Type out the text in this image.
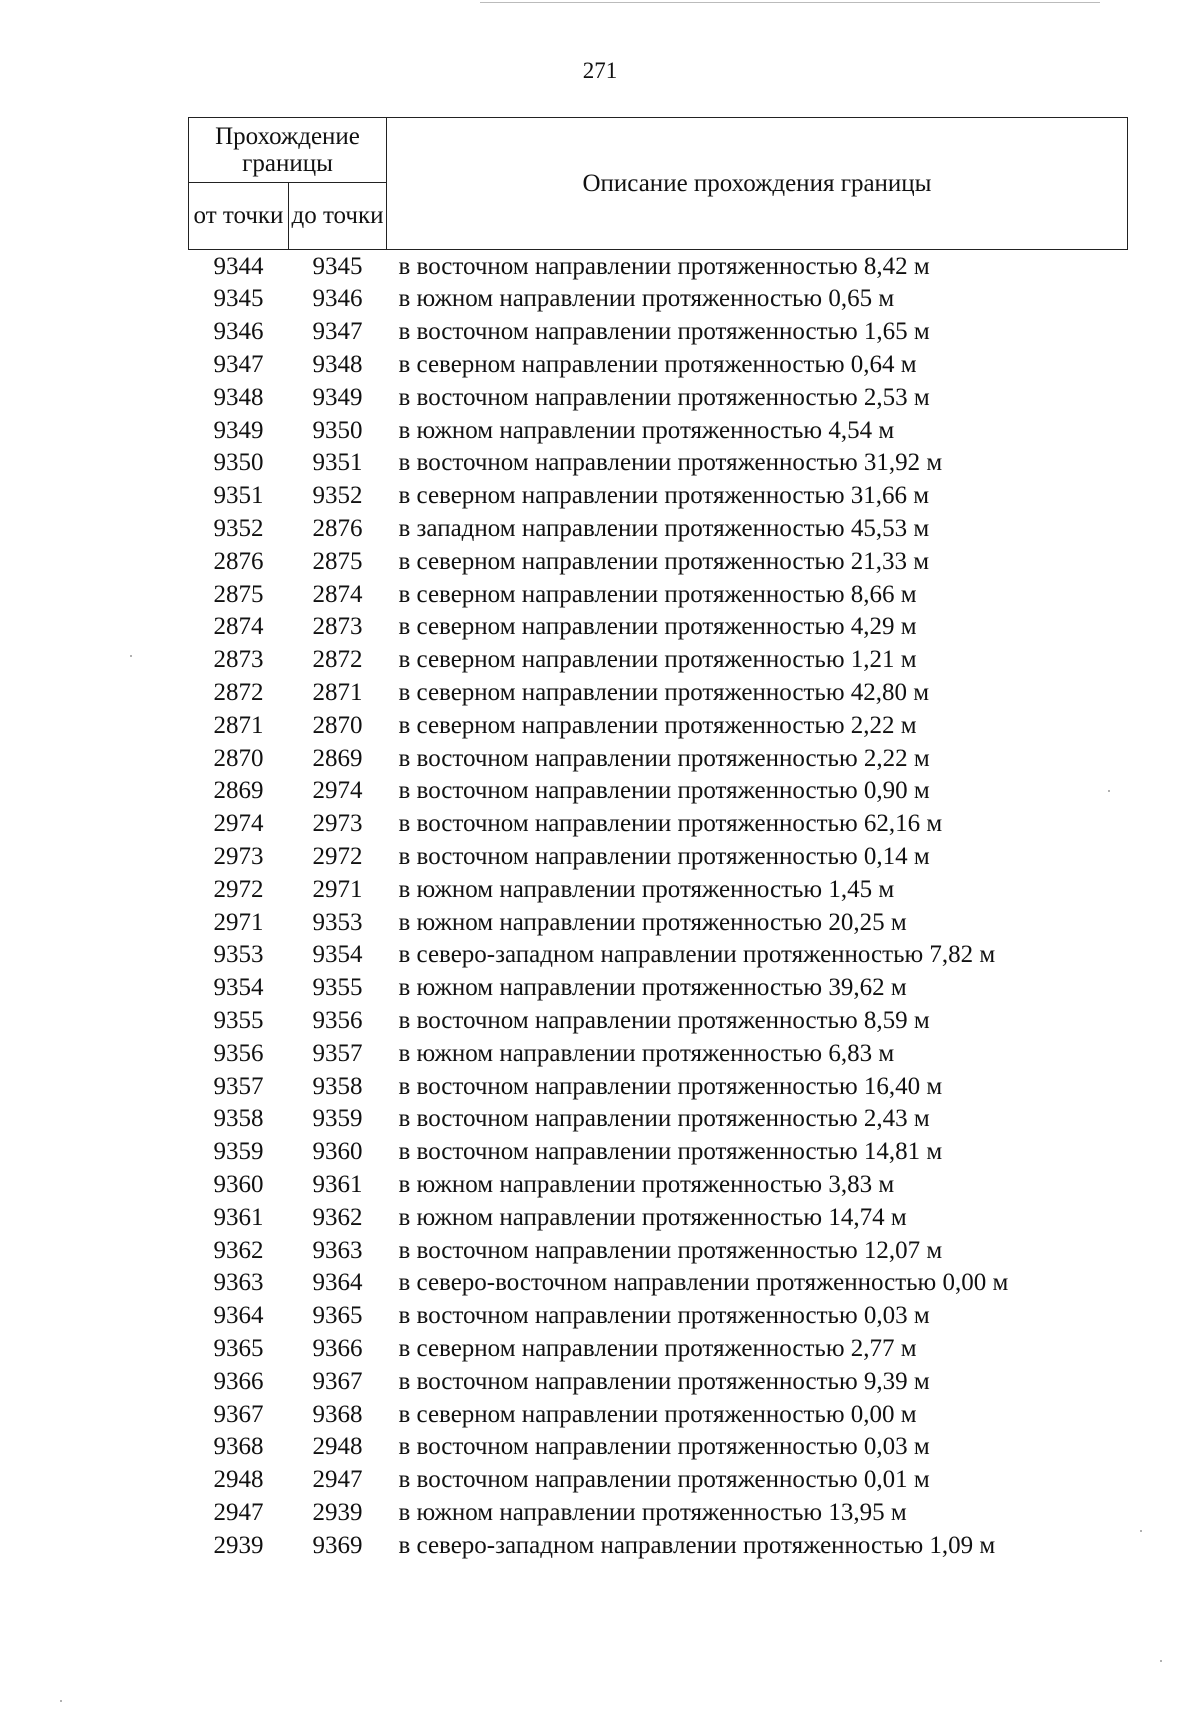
271
Прохождение границы		Описание прохождения границы
от точки	до точки	
9344	9345	в восточном направлении протяженностью 8,42 м
9345	9346	в южном направлении протяженностью 0,65 м
9346	9347	в восточном направлении протяженностью 1,65 м
9347	9348	в северном направлении протяженностью 0,64 м
9348	9349	в восточном направлении протяженностью 2,53 м
9349	9350	в южном направлении протяженностью 4,54 м
9350	9351	в восточном направлении протяженностью 31,92 м
9351	9352	в северном направлении протяженностью 31,66 м
9352	2876	в западном направлении протяженностью 45,53 м
2876	2875	в северном направлении протяженностью 21,33 м
2875	2874	в северном направлении протяженностью 8,66 м
2874	2873	в северном направлении протяженностью 4,29 м
2873	2872	в северном направлении протяженностью 1,21 м
2872	2871	в северном направлении протяженностью 42,80 м
2871	2870	в северном направлении протяженностью 2,22 м
2870	2869	в восточном направлении протяженностью 2,22 м
2869	2974	в восточном направлении протяженностью 0,90 м
2974	2973	в восточном направлении протяженностью 62,16 м
2973	2972	в восточном направлении протяженностью 0,14 м
2972	2971	в южном направлении протяженностью 1,45 м
2971	9353	в южном направлении протяженностью 20,25 м
9353	9354	в северо-западном направлении протяженностью 7,82 м
9354	9355	в южном направлении протяженностью 39,62 м
9355	9356	в восточном направлении протяженностью 8,59 м
9356	9357	в южном направлении протяженностью 6,83 м
9357	9358	в восточном направлении протяженностью 16,40 м
9358	9359	в восточном направлении протяженностью 2,43 м
9359	9360	в восточном направлении протяженностью 14,81 м
9360	9361	в южном направлении протяженностью 3,83 м
9361	9362	в южном направлении протяженностью 14,74 м
9362	9363	в восточном направлении протяженностью 12,07 м
9363	9364	в северо-восточном направлении протяженностью 0,00 м
9364	9365	в восточном направлении протяженностью 0,03 м
9365	9366	в северном направлении протяженностью 2,77 м
9366	9367	в восточном направлении протяженностью 9,39 м
9367	9368	в северном направлении протяженностью 0,00 м
9368	2948	в восточном направлении протяженностью 0,03 м
2948	2947	в восточном направлении протяженностью 0,01 м
2947	2939	в южном направлении протяженностью 13,95 м
2939	9369	в северо-западном направлении протяженностью 1,09 м
